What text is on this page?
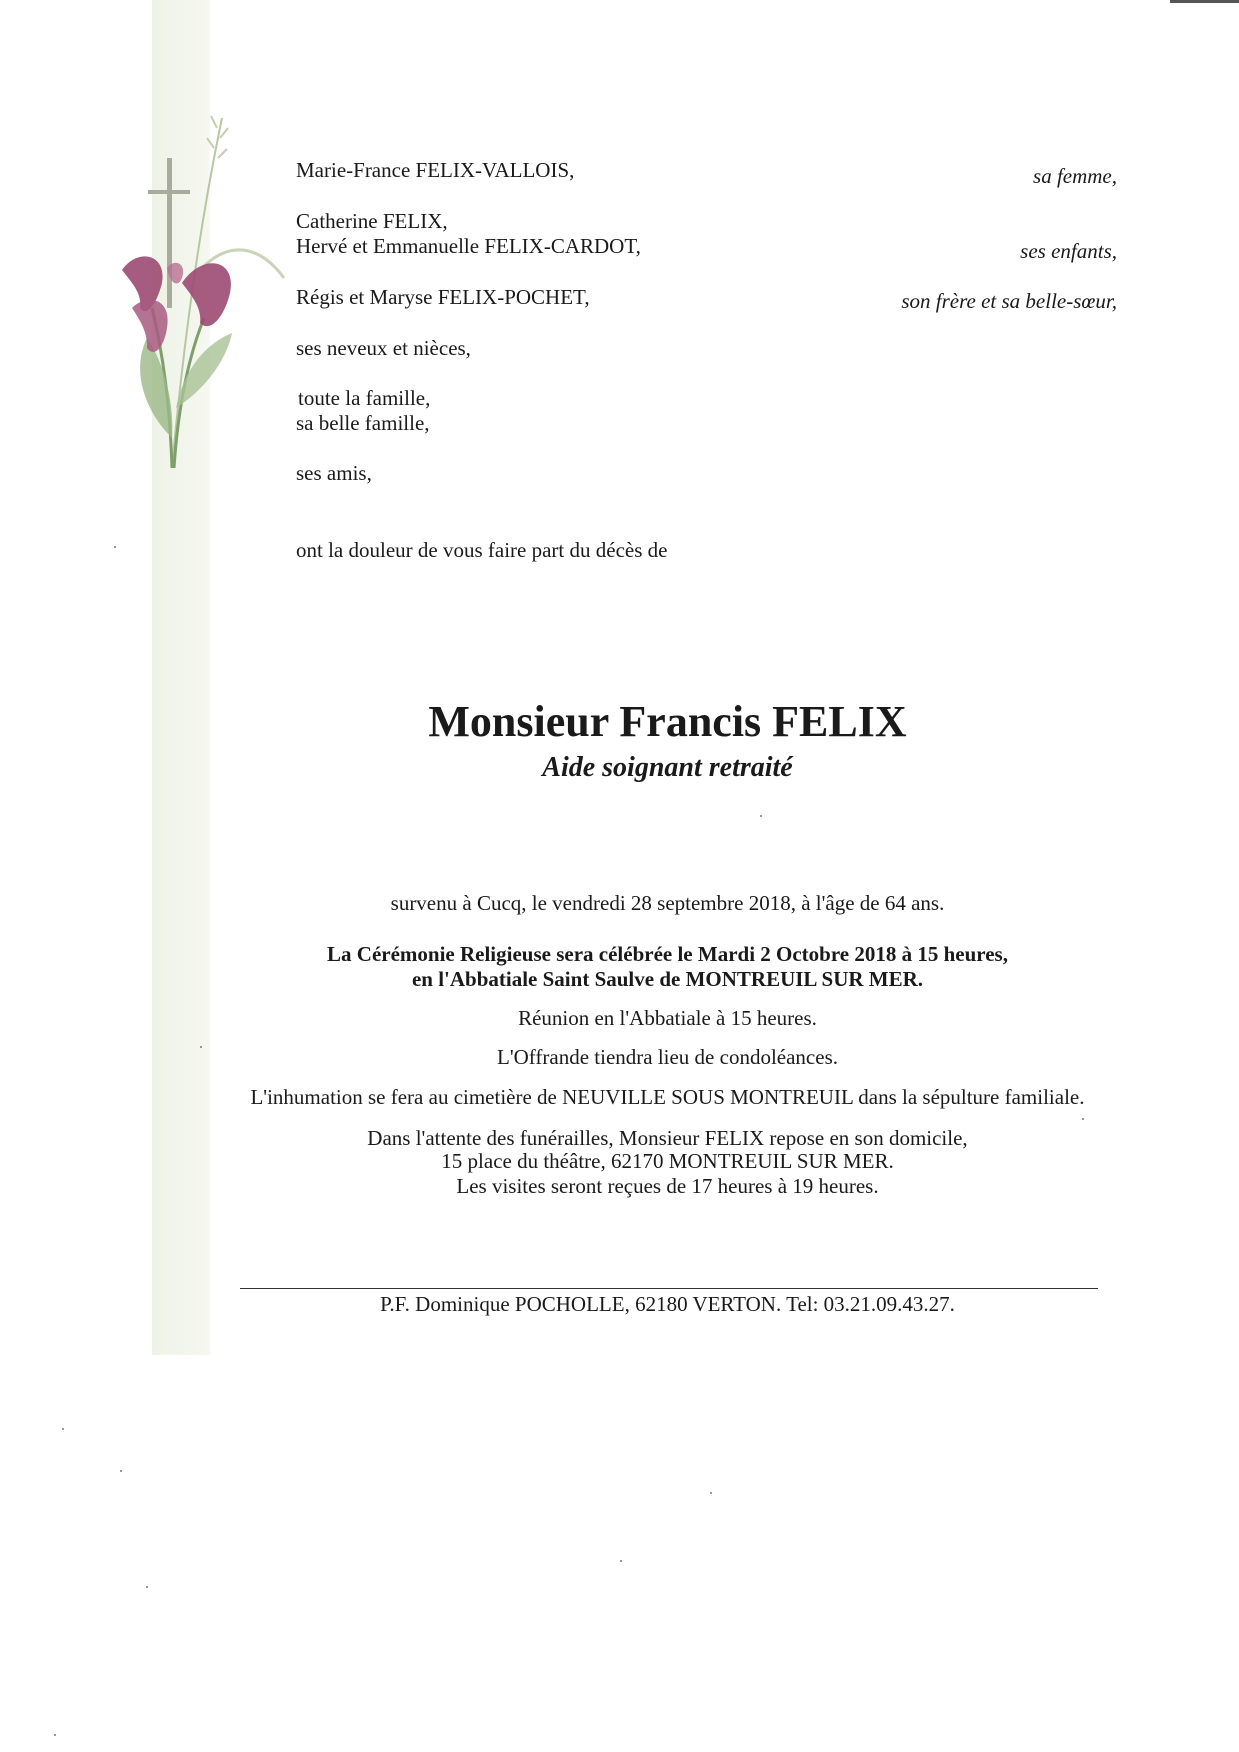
Marie-France FELIX-VALLOIS,
Catherine FELIX,
Hervé et Emmanuelle FELIX-CARDOT,
Régis et Maryse FELIX-POCHET,
ses neveux et nièces,
toute la famille,
sa belle famille,
ses amis,
ont la douleur de vous faire part du décès de
sa femme,
ses enfants,
son frère et sa belle-sœur,
Monsieur Francis FELIX
Aide soignant retraité
survenu à Cucq, le vendredi 28 septembre 2018, à l'âge de 64 ans.
La Cérémonie Religieuse sera célébrée le Mardi 2 Octobre 2018 à 15 heures,
en l'Abbatiale Saint Saulve de MONTREUIL SUR MER.
Réunion en l'Abbatiale à 15 heures.
L'Offrande tiendra lieu de condoléances.
L'inhumation se fera au cimetière de NEUVILLE SOUS MONTREUIL dans la sépulture familiale.
Dans l'attente des funérailles, Monsieur FELIX repose en son domicile,
15 place du théâtre, 62170 MONTREUIL SUR MER.
Les visites seront reçues de 17 heures à 19 heures.
P.F. Dominique POCHOLLE, 62180 VERTON. Tel: 03.21.09.43.27.
